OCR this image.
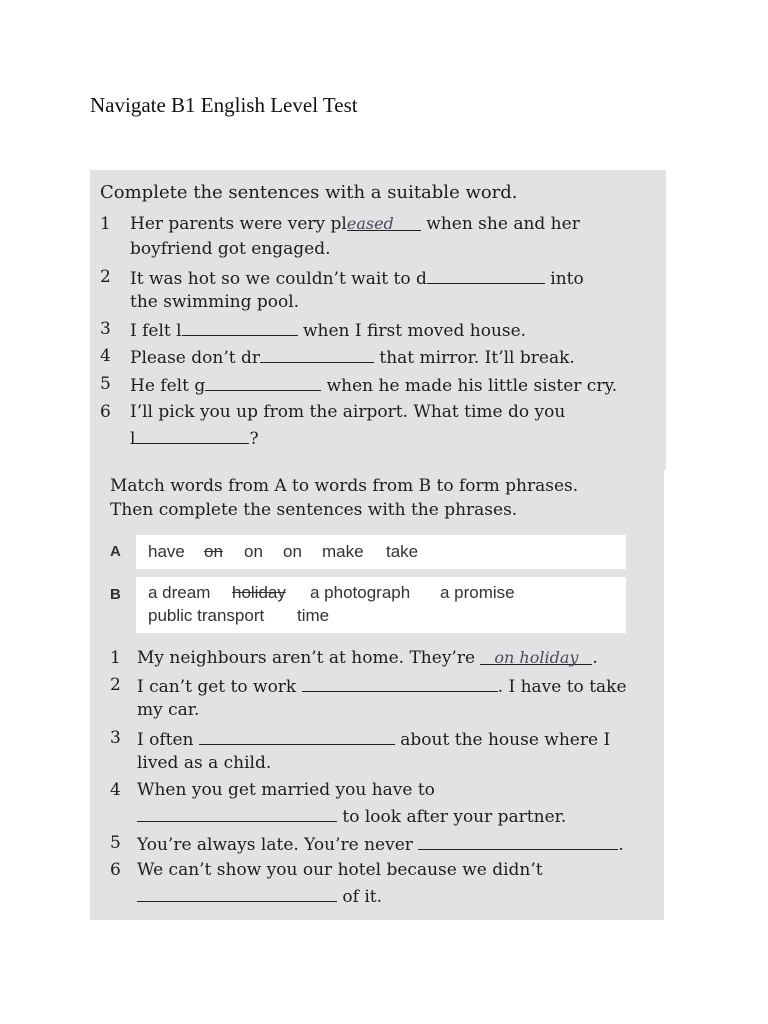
Navigate B1 English Level Test
Complete the sentences with a suitable word.
1 Her parents were very pleased when she and her
boyfriend got engaged.
2 It was hot so we couldn’t wait to d	into
the swimming pool.
3 I felt l	when I first moved house.
4 Please don’t dr	that mirror. It’ll break.
5 He felt g	when he made his little sister cry.
6 I’ll pick you up from the airport. What time do you
l	?
Match words from A to words from B to form phrases.
Then complete the sentences with the phrases.
A have on on on make take
B a dream holiday a photograph a promise
public transport time
1 My neighbours aren’t at home. They’re on holiday .
2 I can’t get to work	. I have to take
my car.
3 I often	about the house where I
lived as a child.
4 When you get married you have to
to look after your partner.
5 You’re always late. You’re never	.
6 We can’t show you our hotel because we didn’t
of it.
